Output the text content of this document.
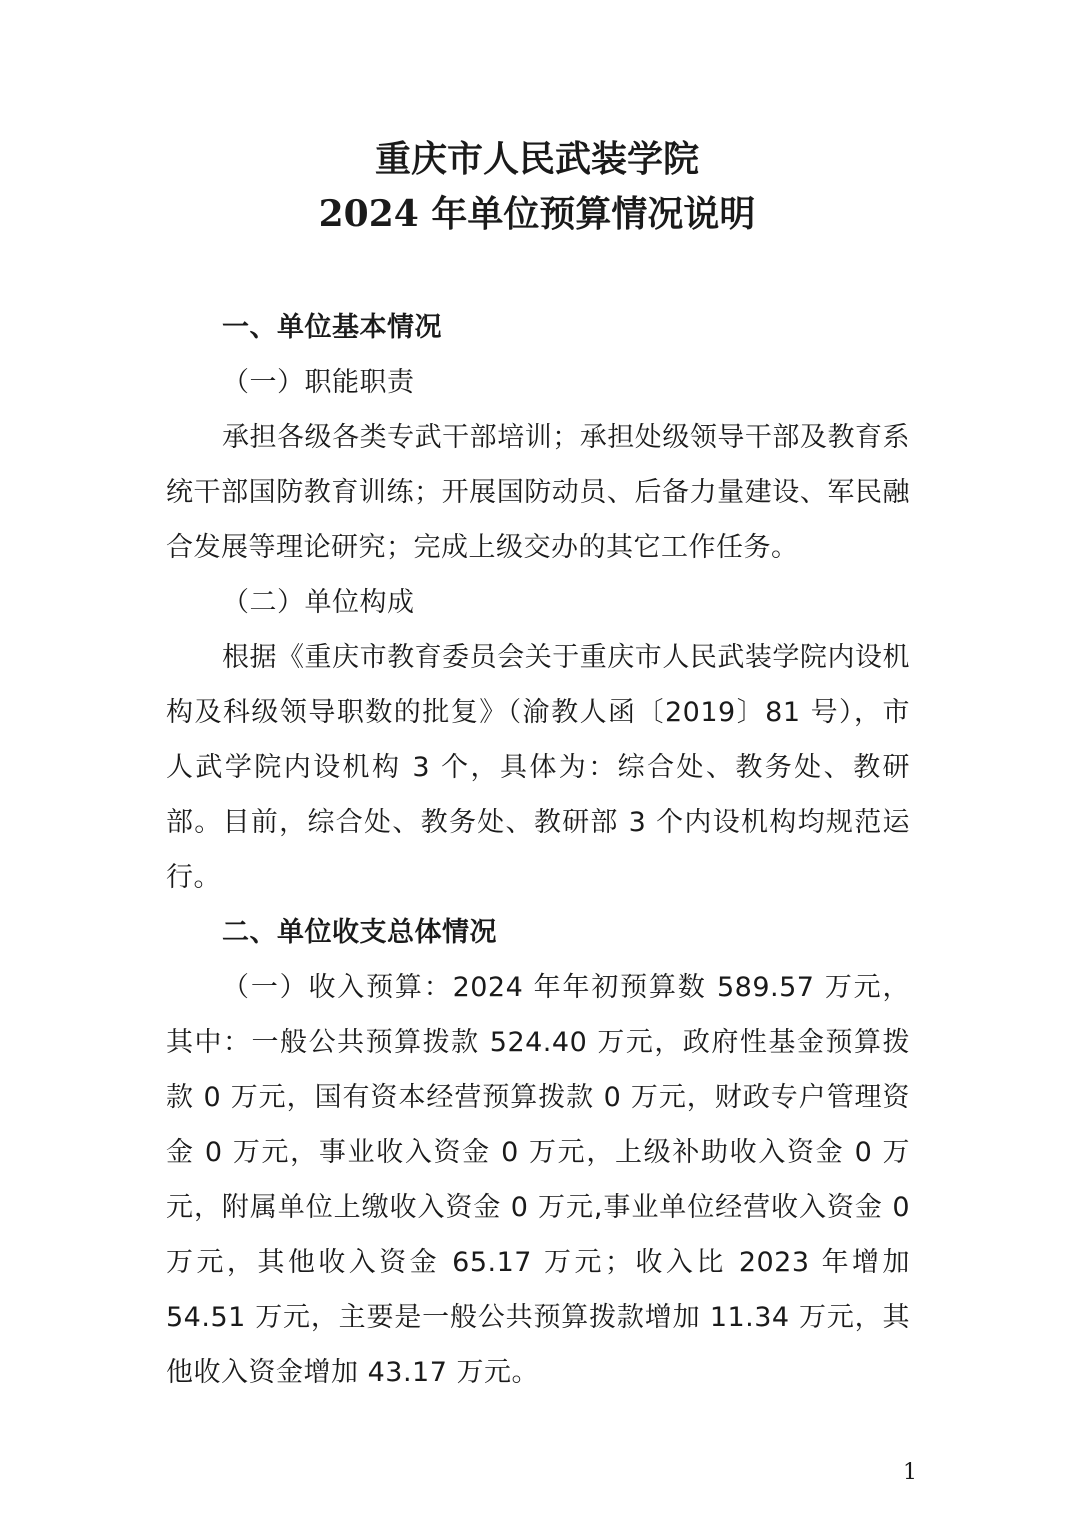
重庆市人民武装学院
2024 年单位预算情况说明

一、单位基本情况

（一）职能职责

承担各级各类专武干部培训；承担处级领导干部及教育系统干部国防教育训练；开展国防动员、后备力量建设、军民融合发展等理论研究；完成上级交办的其它工作任务。

（二）单位构成

根据《重庆市教育委员会关于重庆市人民武装学院内设机构及科级领导职数的批复》（渝教人函〔2019〕81 号），市人武学院内设机构 3 个，具体为：综合处、教务处、教研部。目前，综合处、教务处、教研部 3 个内设机构均规范运行。

二、单位收支总体情况

（一）收入预算：2024 年年初预算数 589.57 万元，其中：一般公共预算拨款 524.40 万元，政府性基金预算拨款 0 万元，国有资本经营预算拨款 0 万元，财政专户管理资金 0 万元，事业收入资金 0 万元，上级补助收入资金 0 万元，附属单位上缴收入资金 0 万元,事业单位经营收入资金 0 万元，其他收入资金 65.17 万元；收入比 2023 年增加 54.51 万元，主要是一般公共预算拨款增加 11.34 万元，其他收入资金增加 43.17 万元。

1
